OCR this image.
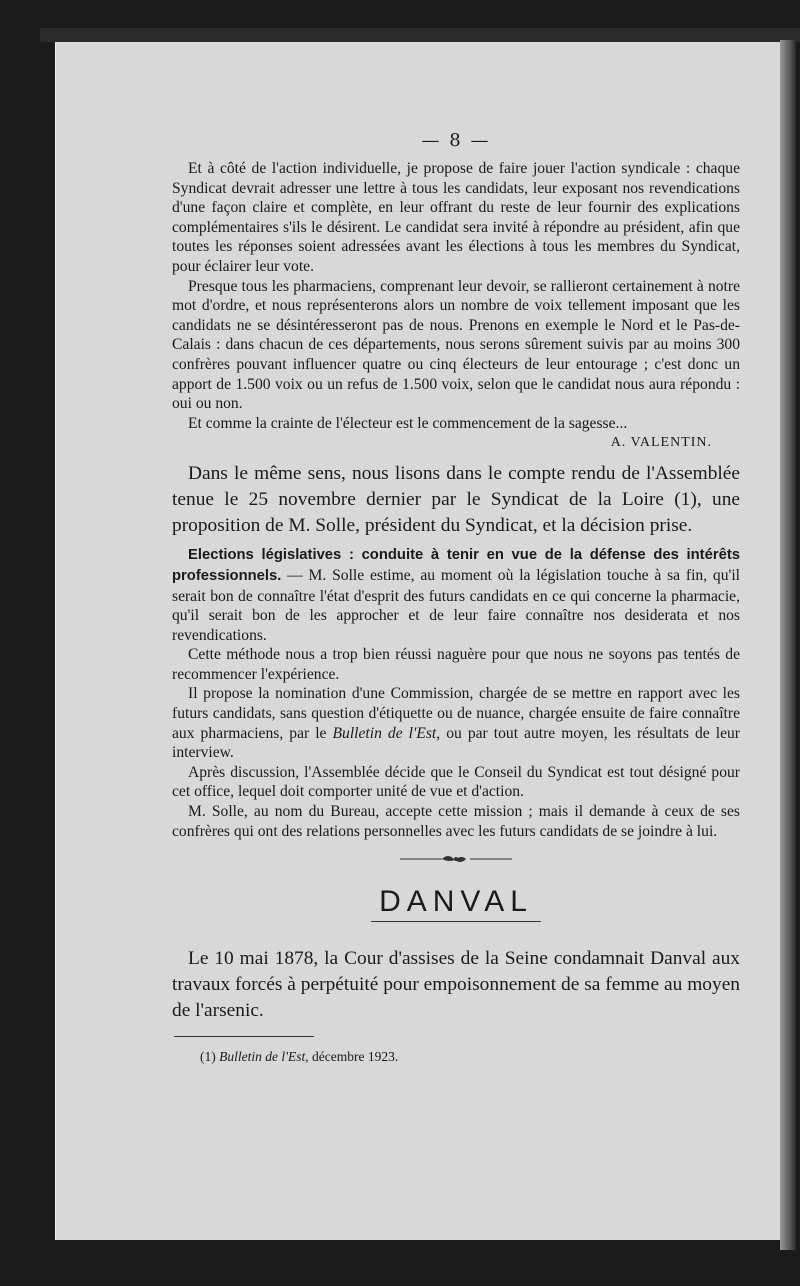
— 8 —

Et à côté de l'action individuelle, je propose de faire jouer l'action syndicale : chaque Syndicat devrait adresser une lettre à tous les candidats, leur exposant nos revendications d'une façon claire et complète, en leur offrant du reste de leur fournir des explications complémentaires s'ils le désirent. Le candidat sera invité à répondre au président, afin que toutes les réponses soient adressées avant les élections à tous les membres du Syndicat, pour éclairer leur vote.

Presque tous les pharmaciens, comprenant leur devoir, se rallieront certainement à notre mot d'ordre, et nous représenterons alors un nombre de voix tellement imposant que les candidats ne se désintéresseront pas de nous. Prenons en exemple le Nord et le Pas-de-Calais : dans chacun de ces départements, nous serons sûrement suivis par au moins 300 confrères pouvant influencer quatre ou cinq électeurs de leur entourage ; c'est donc un apport de 1.500 voix ou un refus de 1.500 voix, selon que le candidat nous aura répondu : oui ou non.

Et comme la crainte de l'électeur est le commencement de la sagesse...

A. VALENTIN.

Dans le même sens, nous lisons dans le compte rendu de l'Assemblée tenue le 25 novembre dernier par le Syndicat de la Loire (1), une proposition de M. Solle, président du Syndicat, et la décision prise.

Elections législatives : conduite à tenir en vue de la défense des intérêts professionnels. — M. Solle estime, au moment où la législation touche à sa fin, qu'il serait bon de connaître l'état d'esprit des futurs candidats en ce qui concerne la pharmacie, qu'il serait bon de les approcher et de leur faire connaître nos desiderata et nos revendications.

Cette méthode nous a trop bien réussi naguère pour que nous ne soyons pas tentés de recommencer l'expérience.

Il propose la nomination d'une Commission, chargée de se mettre en rapport avec les futurs candidats, sans question d'étiquette ou de nuance, chargée ensuite de faire connaître aux pharmaciens, par le Bulletin de l'Est, ou par tout autre moyen, les résultats de leur interview.

Après discussion, l'Assemblée décide que le Conseil du Syndicat est tout désigné pour cet office, lequel doit comporter unité de vue et d'action.

M. Solle, au nom du Bureau, accepte cette mission ; mais il demande à ceux de ses confrères qui ont des relations personnelles avec les futurs candidats de se joindre à lui.

DANVAL

Le 10 mai 1878, la Cour d'assises de la Seine condamnait Danval aux travaux forcés à perpétuité pour empoisonnement de sa femme au moyen de l'arsenic.

(1) Bulletin de l'Est, décembre 1923.
